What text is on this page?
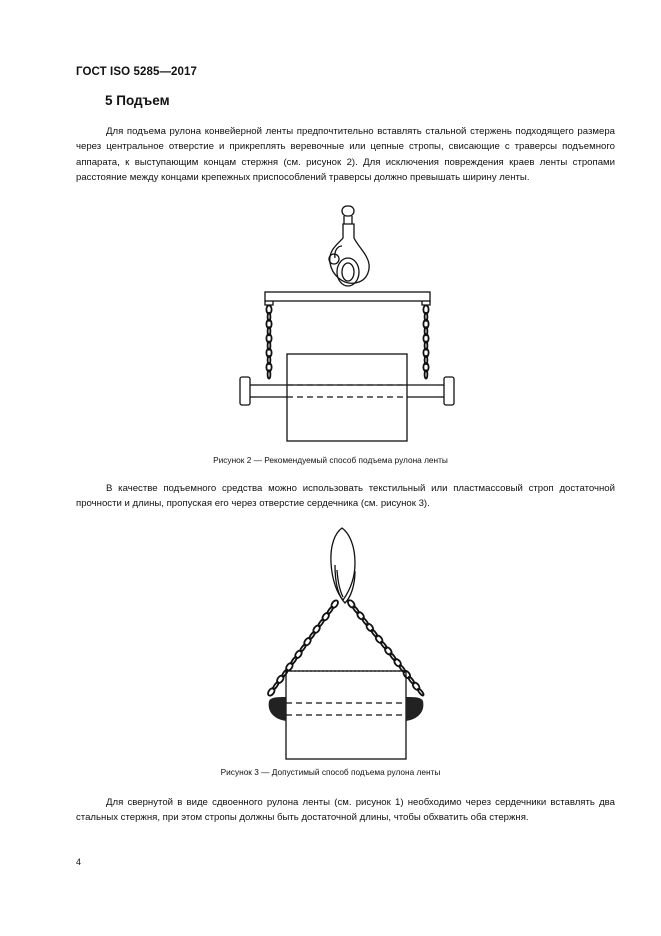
ГОСТ ISO 5285—2017
5 Подъем
Для подъема рулона конвейерной ленты предпочтительно вставлять стальной стержень подходящего размера через центральное отверстие и прикреплять веревочные или цепные стропы, свисающие с траверсы подъемного аппарата, к выступающим концам стержня (см. рисунок 2). Для исключения повреждения краев ленты стропами расстояние между концами крепежных приспособлений траверсы должно превышать ширину ленты.
Рисунок 2 — Рекомендуемый способ подъема рулона ленты
В качестве подъемного средства можно использовать текстильный или пластмассовый строп достаточной прочности и длины, пропуская его через отверстие сердечника (см. рисунок 3).
Рисунок 3 — Допустимый способ подъема рулона ленты
Для свернутой в виде сдвоенного рулона ленты (см. рисунок 1) необходимо через сердечники вставлять два стальных стержня, при этом стропы должны быть достаточной длины, чтобы обхватить оба стержня.
4
